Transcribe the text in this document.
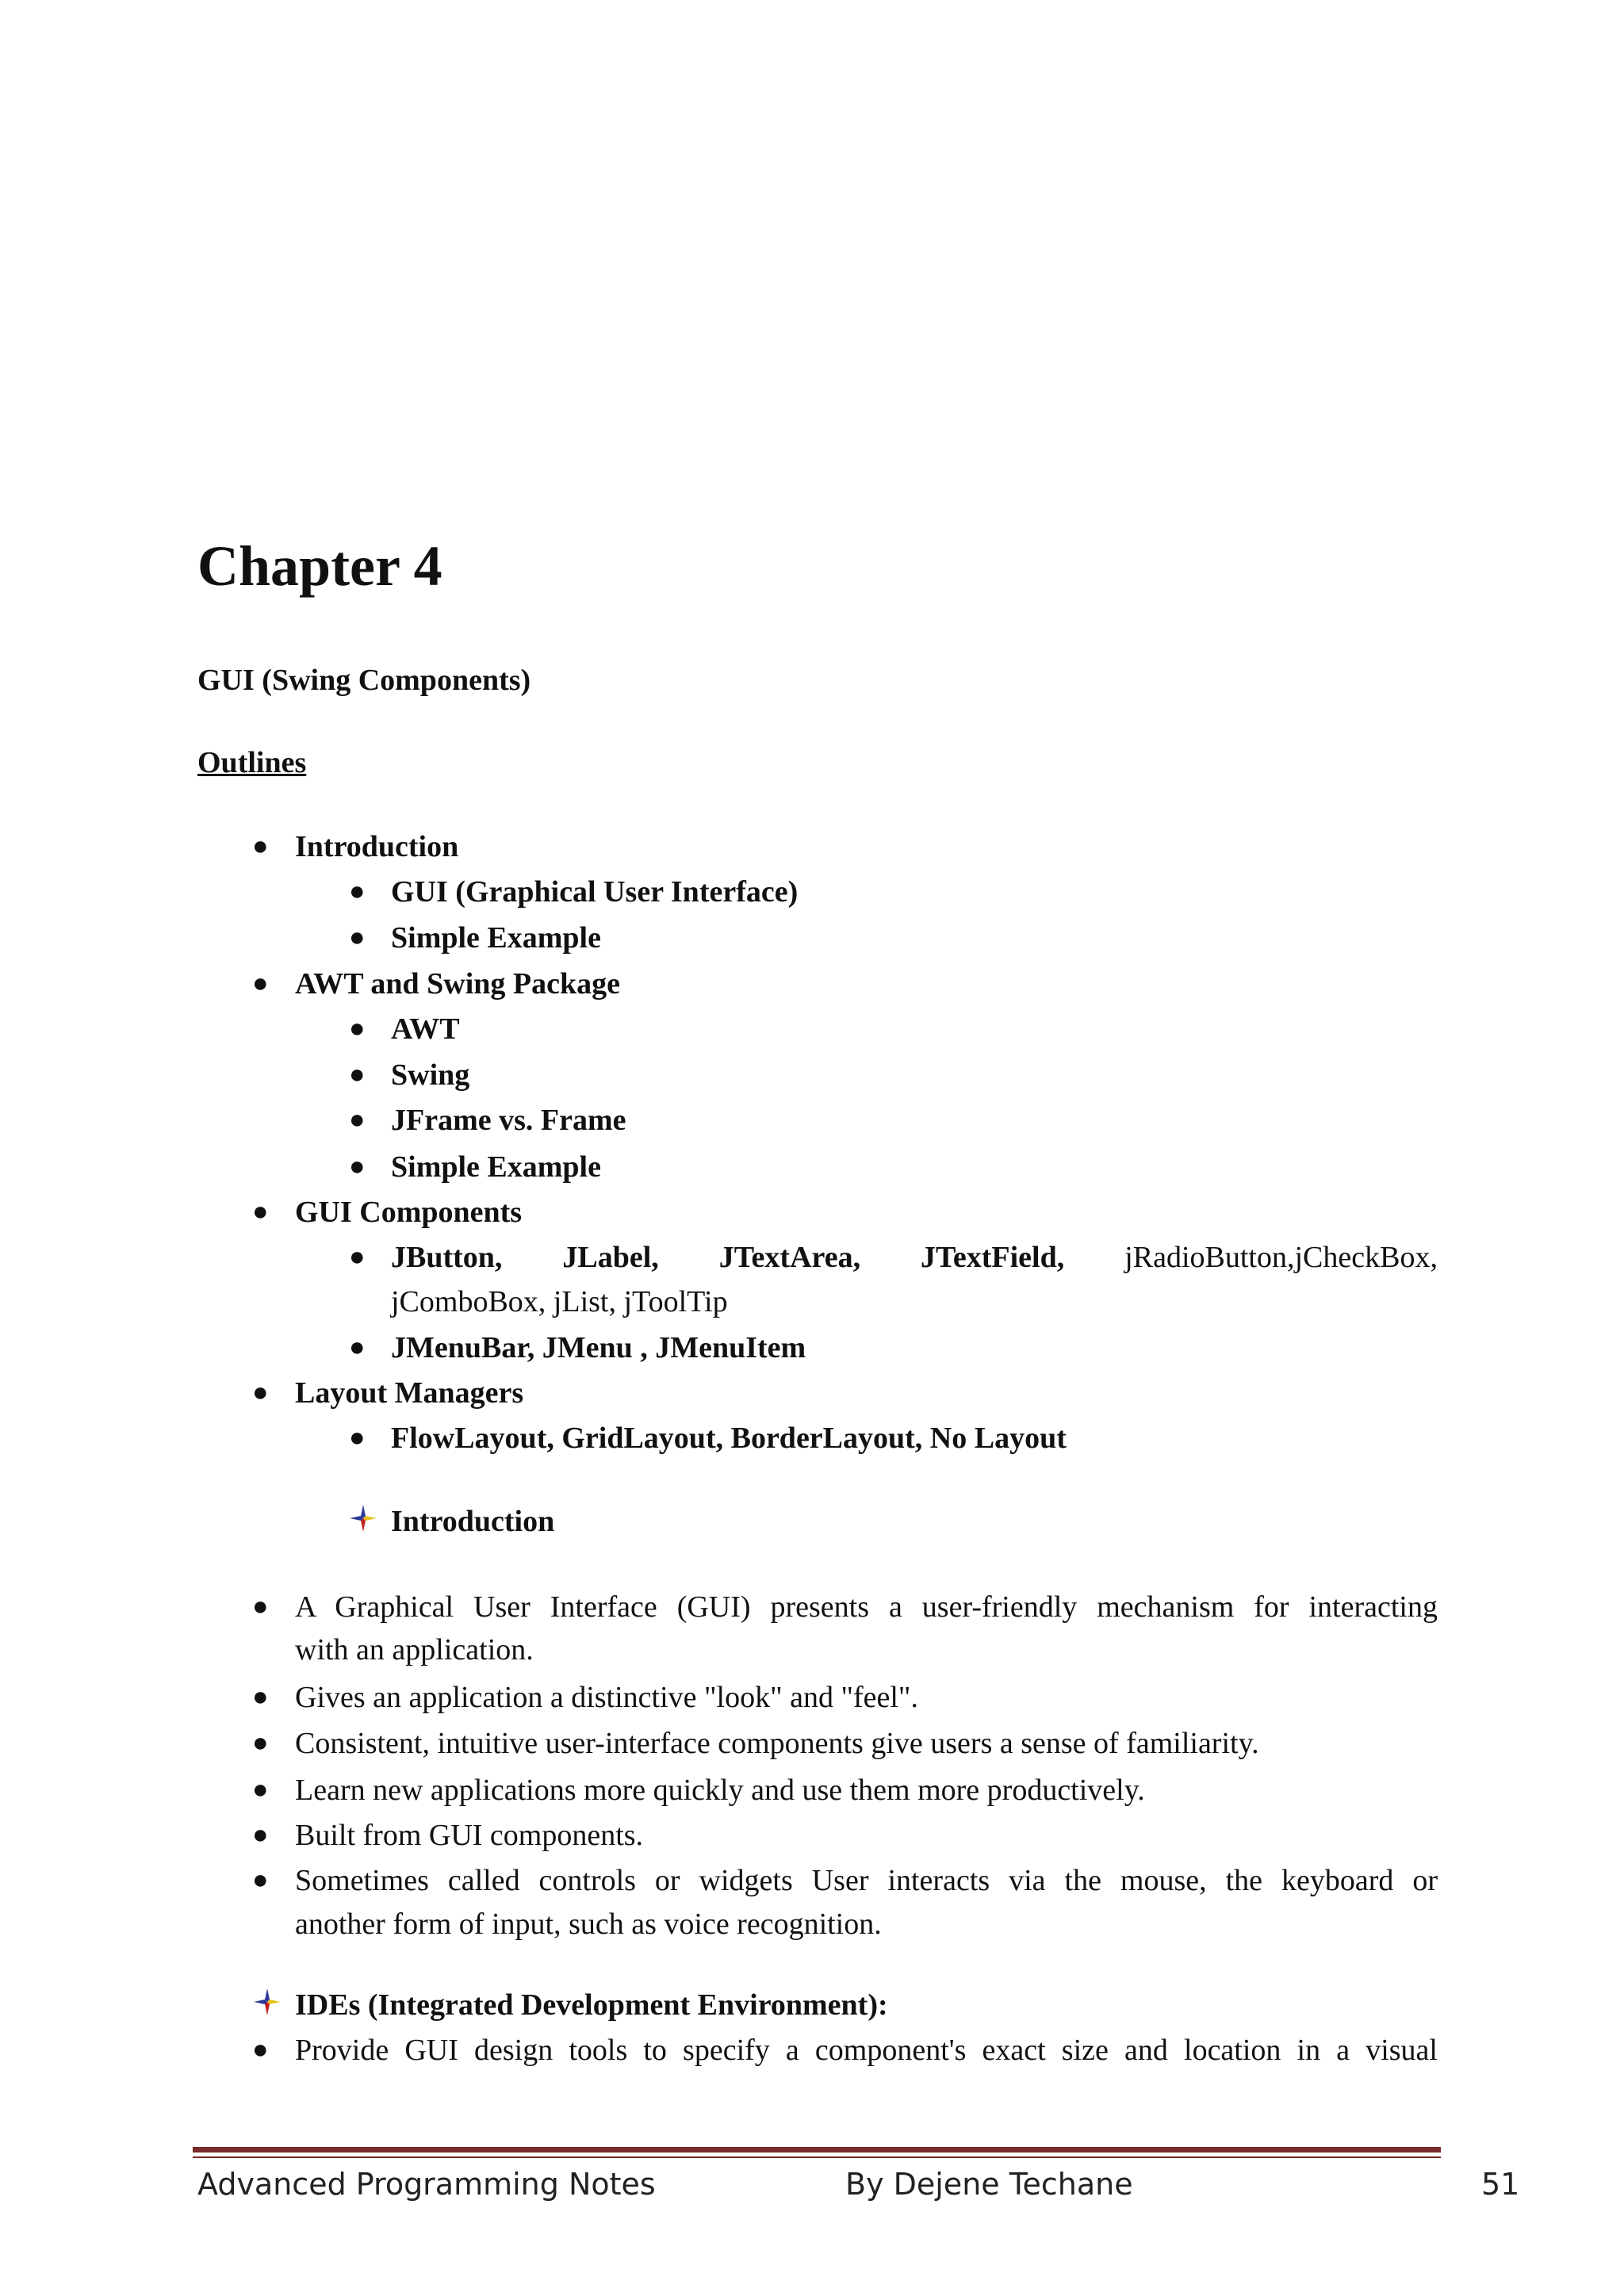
Chapter 4

GUI (Swing Components)

Outlines

● Introduction
● GUI (Graphical User Interface)
● Simple Example
● AWT and Swing Package
● AWT
● Swing
● JFrame vs. Frame
● Simple Example
● GUI Components
● JButton, JLabel, JTextArea, JTextField, jRadioButton,jCheckBox,
jComboBox, jList, jToolTip
● JMenuBar, JMenu , JMenuItem
● Layout Managers
● FlowLayout, GridLayout, BorderLayout, No Layout
Introduction
● A Graphical User Interface (GUI) presents a user-friendly mechanism for interacting
with an application.
● Gives an application a distinctive "look" and "feel".
● Consistent, intuitive user-interface components give users a sense of familiarity.
● Learn new applications more quickly and use them more productively.
● Built from GUI components.
● Sometimes called controls or widgets User interacts via the mouse, the keyboard or
another form of input, such as voice recognition.
IDEs (Integrated Development Environment):
● Provide GUI design tools to specify a component's exact size and location in a visual
Advanced Programming Notes	By Dejene Techane	51
